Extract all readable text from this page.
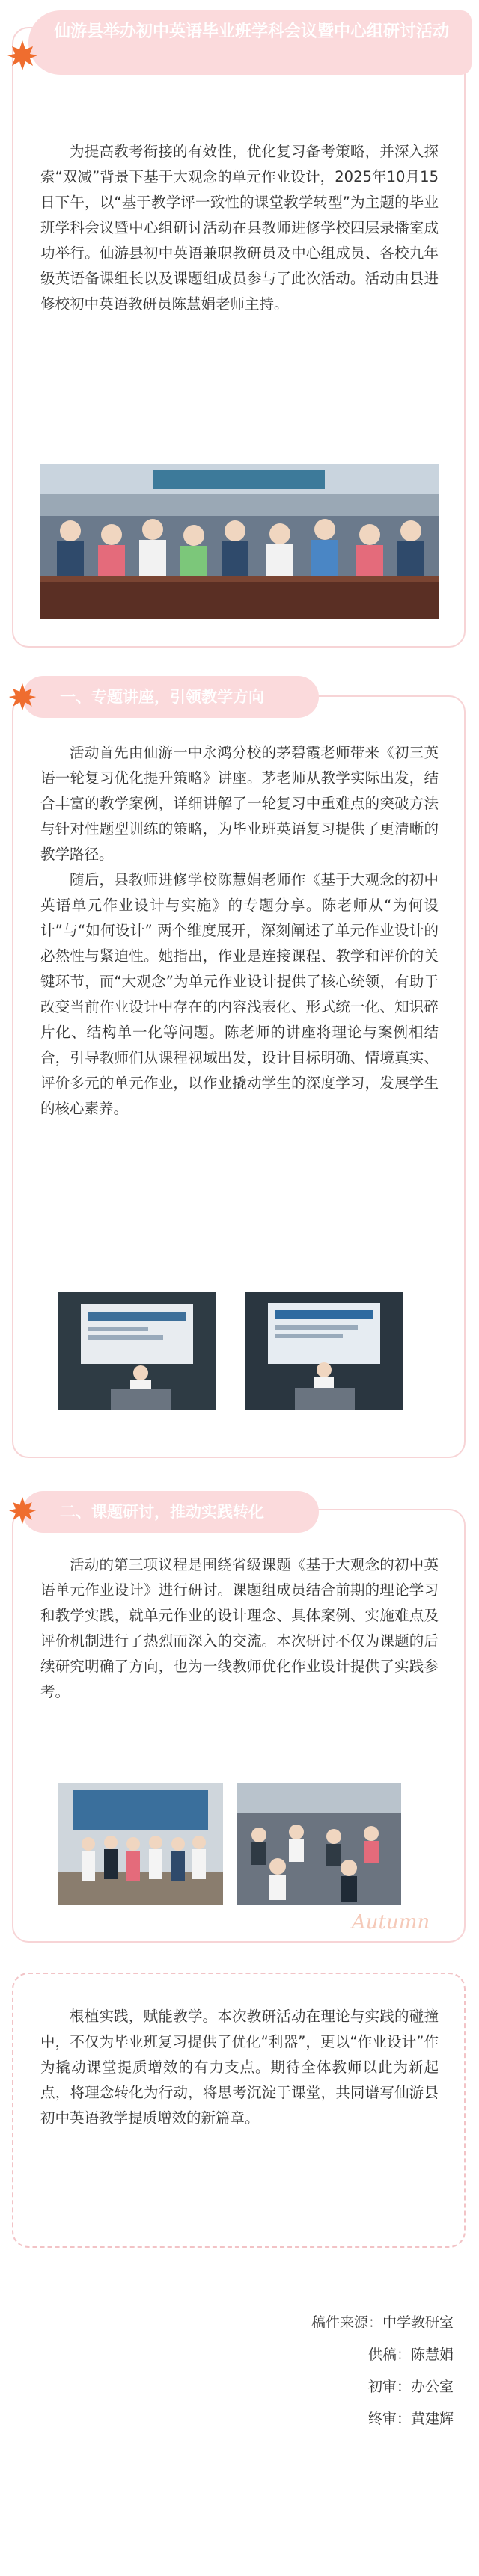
仙游县举办初中英语毕业班学科会议暨中心组研讨活动

为提高教考衔接的有效性，优化复习备考策略，并深入探索“双减”背景下基于大观念的单元作业设计，2025年10月15日下午，以“基于教学评一致性的课堂教学转型”为主题的毕业班学科会议暨中心组研讨活动在县教师进修学校四层录播室成功举行。仙游县初中英语兼职教研员及中心组成员、各校九年级英语备课组长以及课题组成员参与了此次活动。活动由县进修校初中英语教研员陈慧娟老师主持。

一、专题讲座，引领教学方向

活动首先由仙游一中永鸿分校的茅碧霞老师带来《初三英语一轮复习优化提升策略》讲座。茅老师从教学实际出发，结合丰富的教学案例，详细讲解了一轮复习中重难点的突破方法与针对性题型训练的策略，为毕业班英语复习提供了更清晰的教学路径。

随后，县教师进修学校陈慧娟老师作《基于大观念的初中英语单元作业设计与实施》的专题分享。陈老师从“为何设计”与“如何设计” 两个维度展开，深刻阐述了单元作业设计的必然性与紧迫性。她指出，作业是连接课程、教学和评价的关键环节，而“大观念”为单元作业设计提供了核心统领，有助于改变当前作业设计中存在的内容浅表化、形式统一化、知识碎片化、结构单一化等问题。陈老师的讲座将理论与案例相结合，引导教师们从课程视域出发，设计目标明确、情境真实、评价多元的单元作业，以作业撬动学生的深度学习，发展学生的核心素养。

二、课题研讨，推动实践转化

活动的第三项议程是围绕省级课题《基于大观念的初中英语单元作业设计》进行研讨。课题组成员结合前期的理论学习和教学实践，就单元作业的设计理念、具体案例、实施难点及评价机制进行了热烈而深入的交流。本次研讨不仅为课题的后续研究明确了方向，也为一线教师优化作业设计提供了实践参考。

Autumn

根植实践，赋能教学。本次教研活动在理论与实践的碰撞中，不仅为毕业班复习提供了优化“利器”，更以“作业设计”作为撬动课堂提质增效的有力支点。期待全体教师以此为新起点，将理念转化为行动，将思考沉淀于课堂，共同谱写仙游县初中英语教学提质增效的新篇章。

稿件来源：中学教研室
供稿：陈慧娟
初审：办公室
终审：黄建辉
